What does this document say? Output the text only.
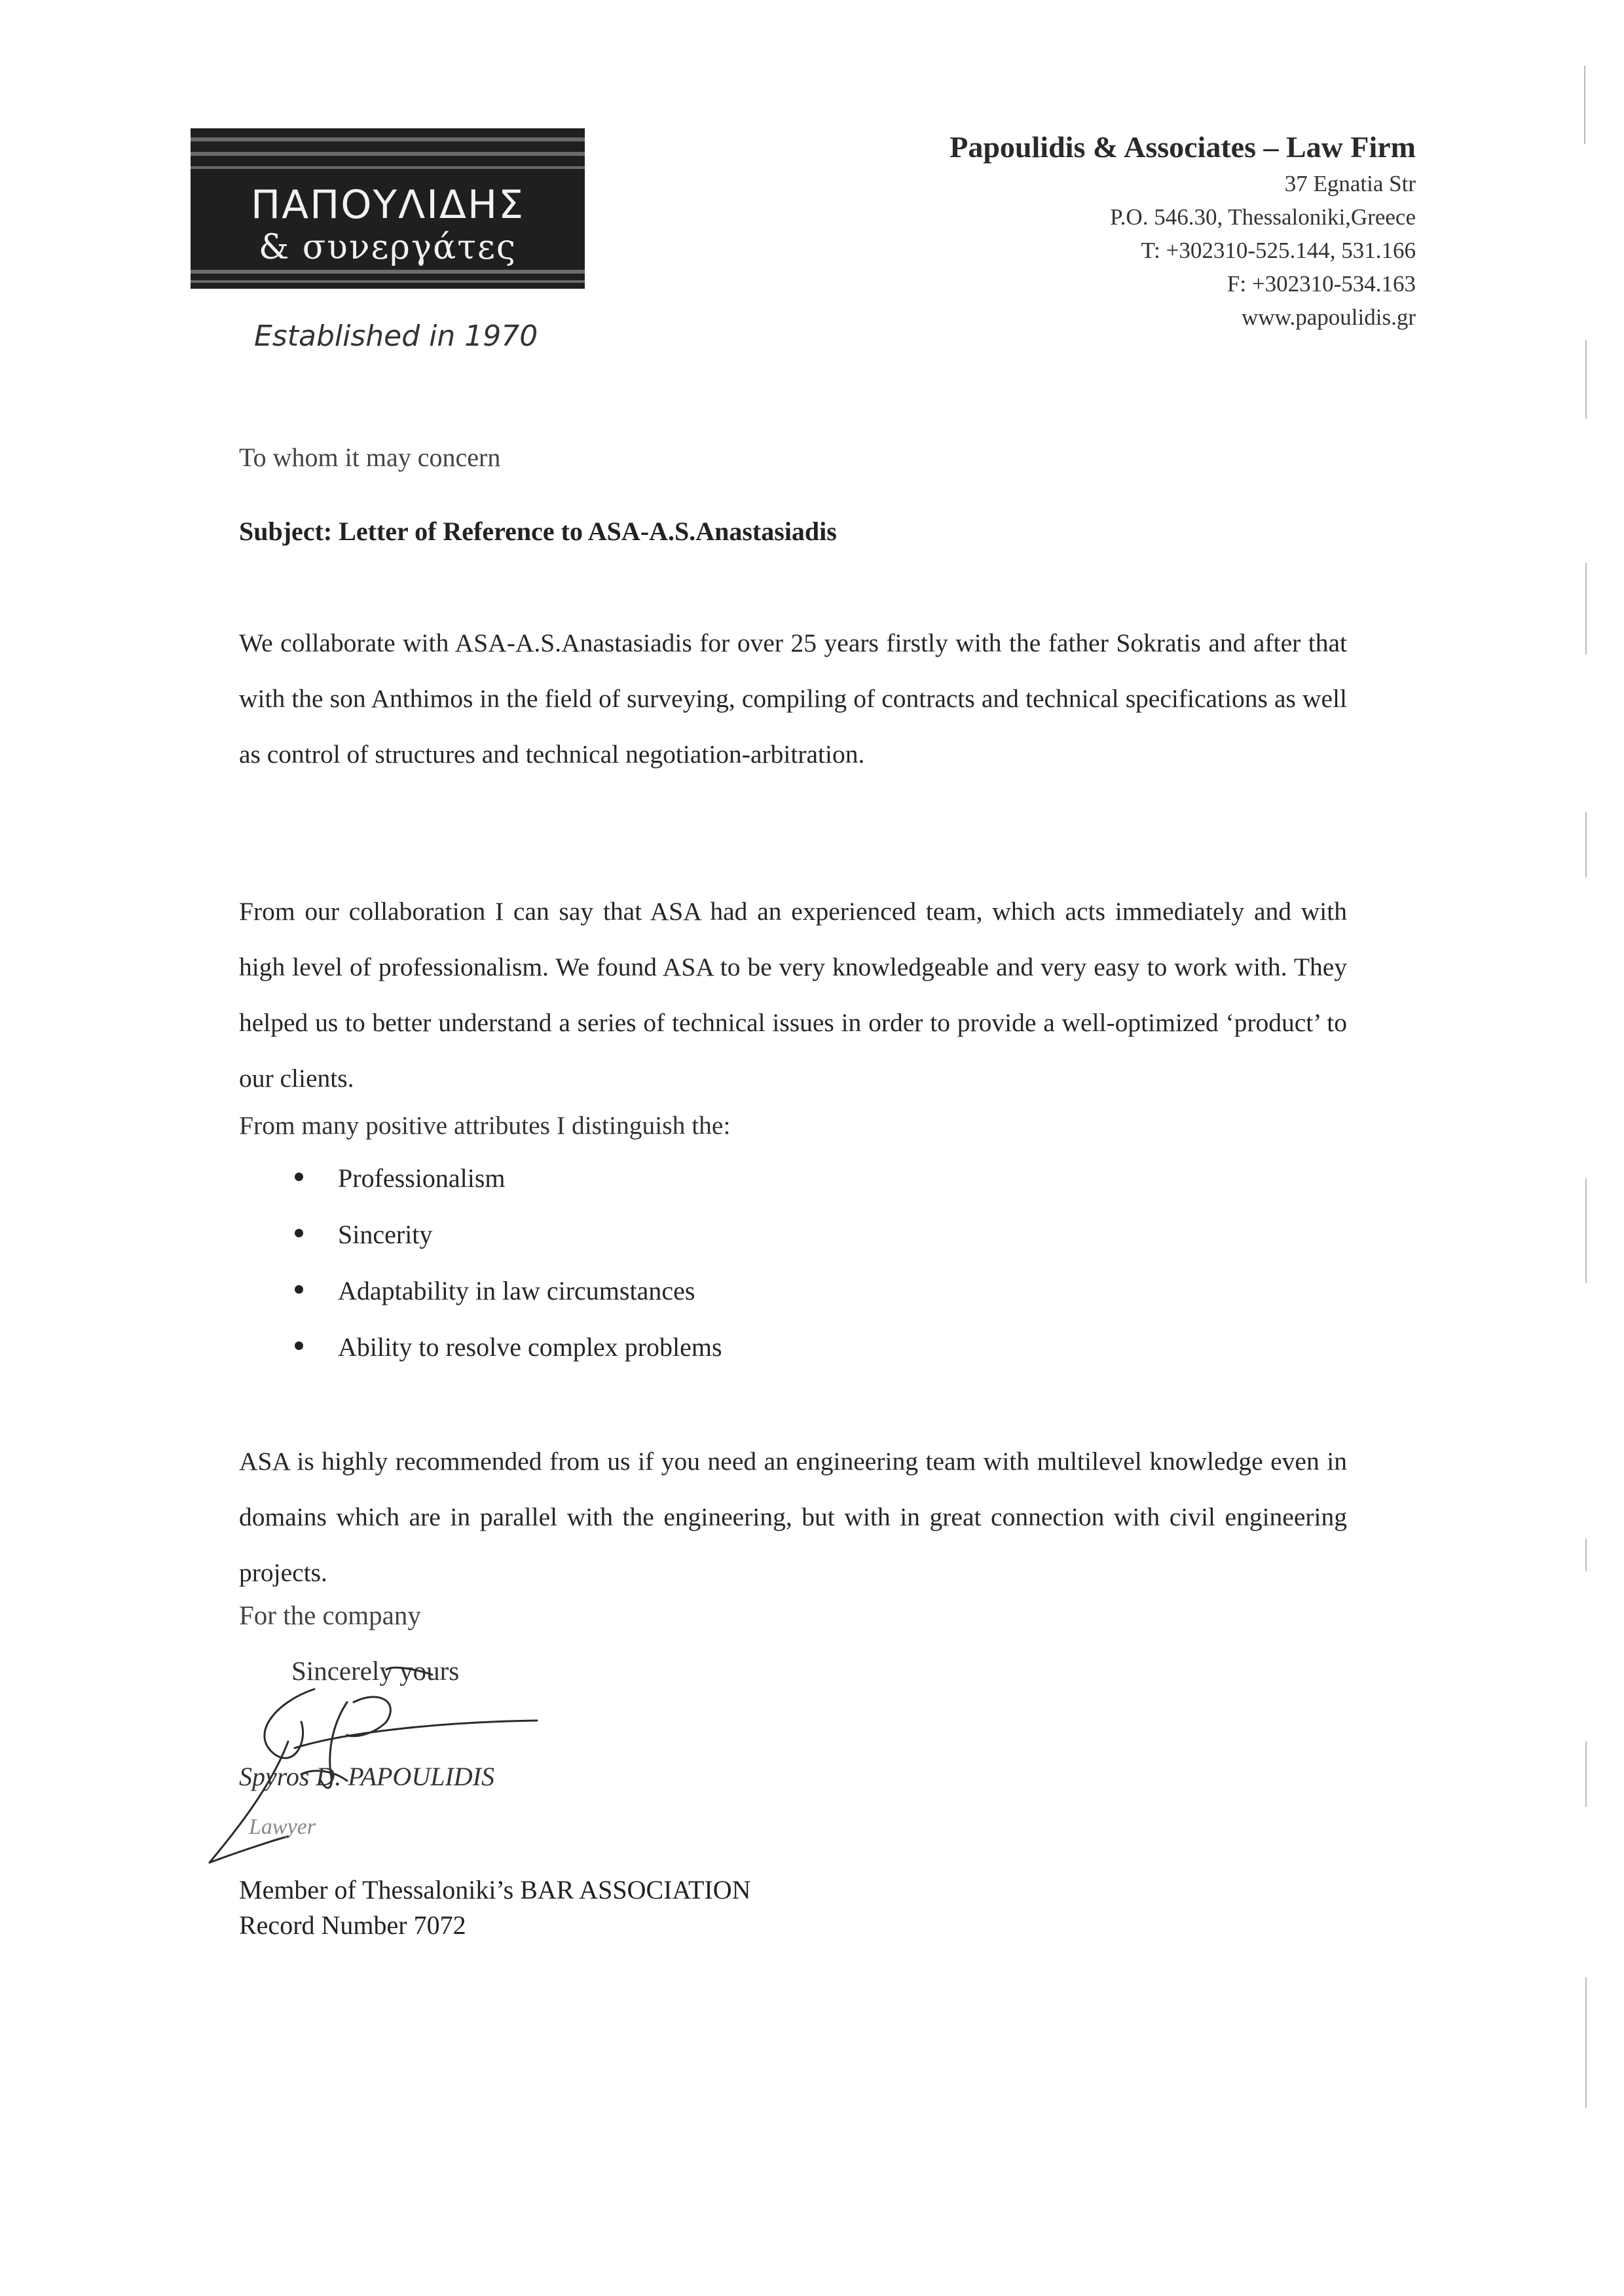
ΠΑΠΟΥΛΙΔΗΣ
& συνεργάτες
Established in 1970
Papoulidis & Associates – Law Firm
37 Egnatia Str
P.O. 546.30, Thessaloniki,Greece
T: +302310-525.144, 531.166
F: +302310-534.163
www.papoulidis.gr
To whom it may concern
Subject: Letter of Reference to ASA-A.S.Anastasiadis
We collaborate with ASA-A.S.Anastasiadis for over 25 years firstly with the father Sokratis and after that with the son Anthimos in the field of surveying, compiling of contracts and technical specifications as well as control of structures and technical negotiation-arbitration.
From our collaboration I can say that ASA had an experienced team, which acts immediately and with high level of professionalism. We found ASA to be very knowledgeable and very easy to work with. They helped us to better understand a series of technical issues in order to provide a well-optimized ‘product’ to our clients.
From many positive attributes I distinguish the:
Professionalism
Sincerity
Adaptability in law circumstances
Ability to resolve complex problems
ASA is highly recommended from us if you need an engineering team with multilevel knowledge even in domains which are in parallel with the engineering, but with in great connection with civil engineering projects.
For the company
Sincerely yours
Spyros D. PAPOULIDIS
Lawyer
Member of Thessaloniki’s BAR ASSOCIATION
Record Number 7072
